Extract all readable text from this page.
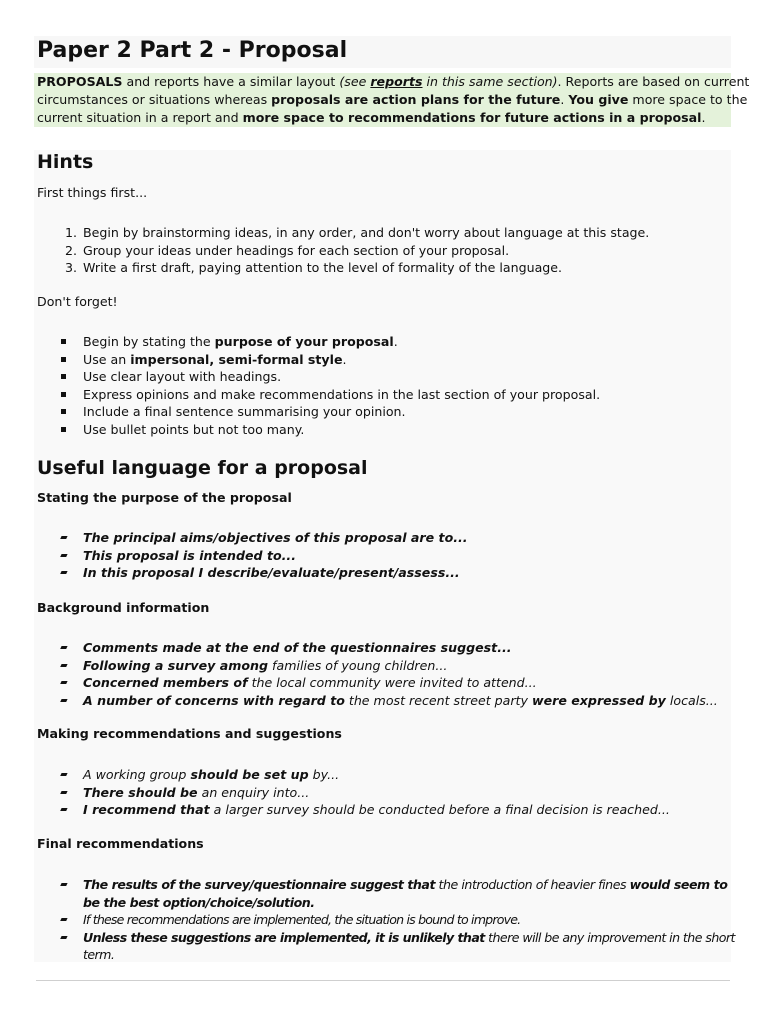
Paper 2 Part 2 - Proposal
PROPOSALS and reports have a similar layout (see reports in this same section). Reports are based on current
circumstances or situations whereas proposals are action plans for the future. You give more space to the
current situation in a report and more space to recommendations for future actions in a proposal.
Hints
First things first...
1. Begin by brainstorming ideas, in any order, and don't worry about language at this stage.
2. Group your ideas under headings for each section of your proposal.
3. Write a first draft, paying attention to the level of formality of the language.
Don't forget!
Begin by stating the purpose of your proposal.
Use an impersonal, semi-formal style.
Use clear layout with headings.
Express opinions and make recommendations in the last section of your proposal.
Include a final sentence summarising your opinion.
Use bullet points but not too many.
Useful language for a proposal
Stating the purpose of the proposal
The principal aims/objectives of this proposal are to...
This proposal is intended to...
In this proposal I describe/evaluate/present/assess...
Background information
Comments made at the end of the questionnaires suggest...
Following a survey among families of young children...
Concerned members of the local community were invited to attend...
A number of concerns with regard to the most recent street party were expressed by locals...
Making recommendations and suggestions
A working group should be set up by...
There should be an enquiry into...
I recommend that a larger survey should be conducted before a final decision is reached...
Final recommendations
The results of the survey/questionnaire suggest that the introduction of heavier fines would seem to
be the best option/choice/solution.
If these recommendations are implemented, the situation is bound to improve.
Unless these suggestions are implemented, it is unlikely that there will be any improvement in the short
term.
